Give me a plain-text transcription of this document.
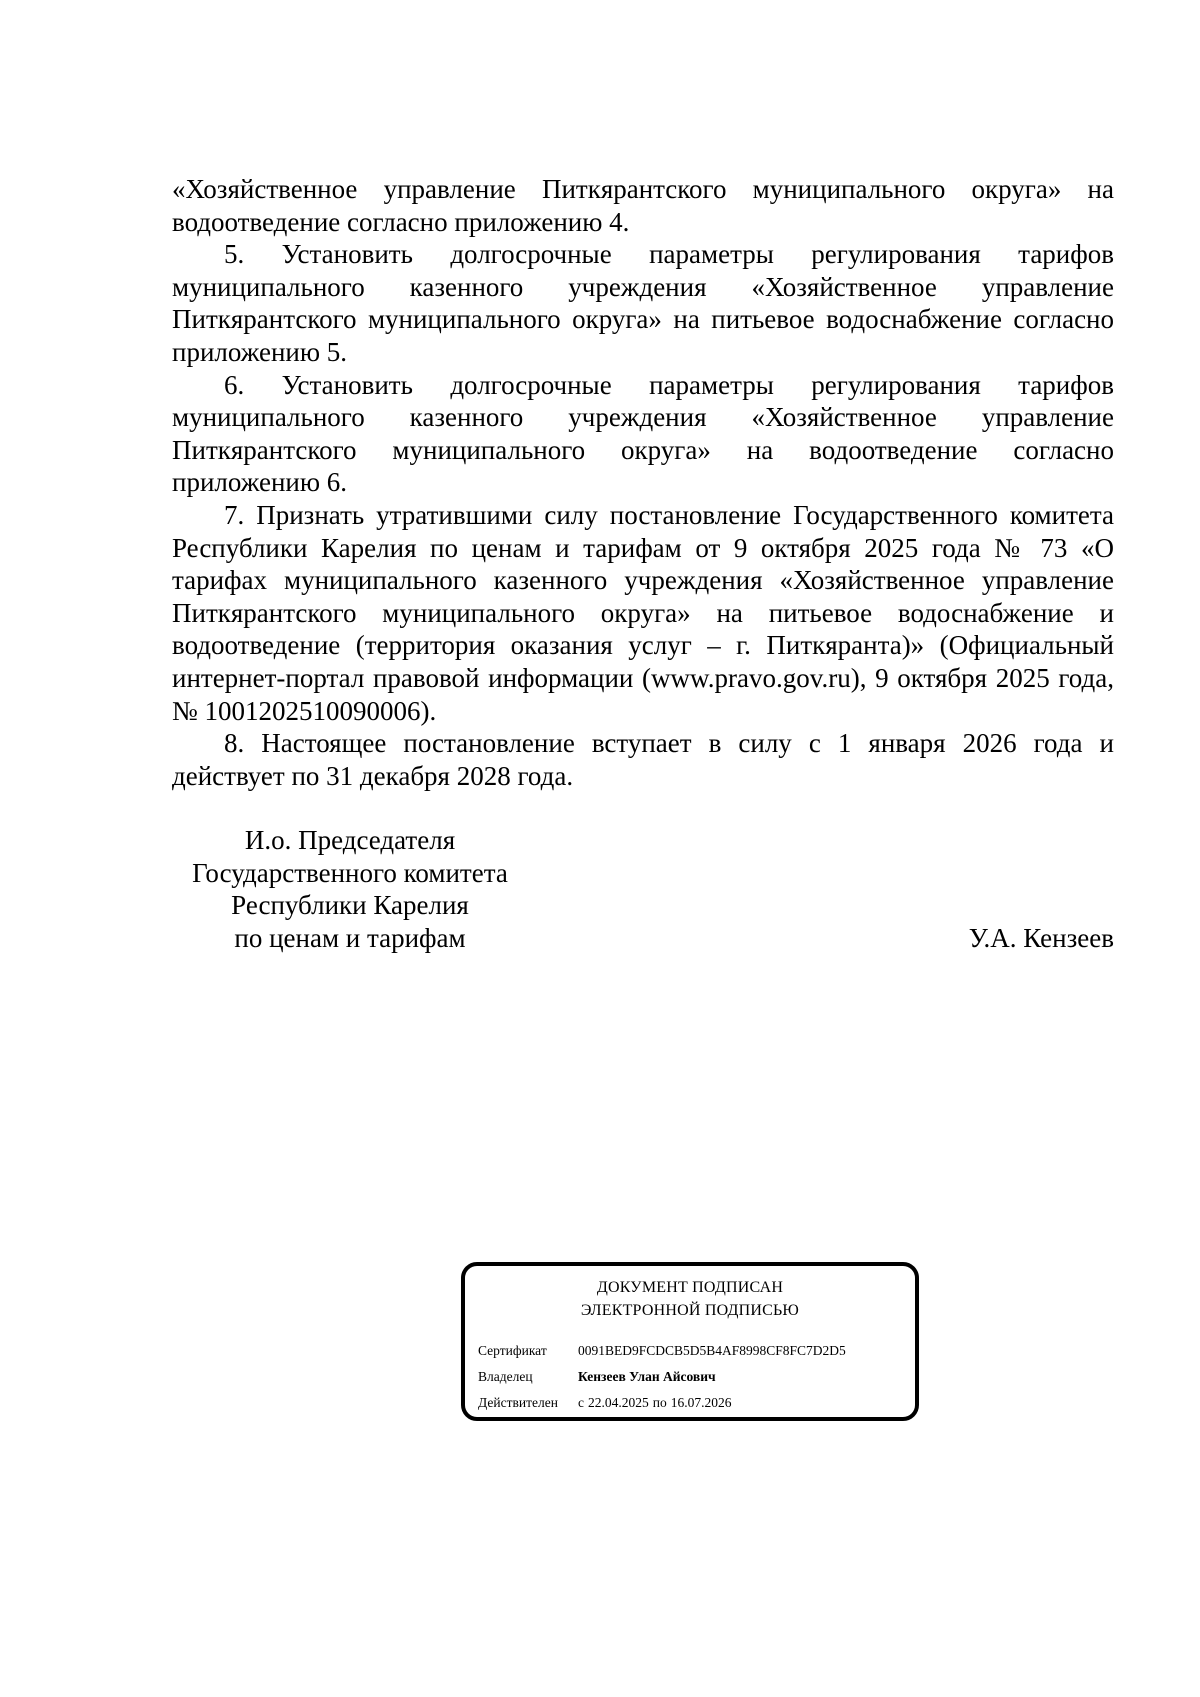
«Хозяйственное управление Питкярантского муниципального округа» на водоотведение согласно приложению 4.

5. Установить долгосрочные параметры регулирования тарифов муниципального казенного учреждения «Хозяйственное управление Питкярантского муниципального округа» на питьевое водоснабжение согласно приложению 5.

6. Установить долгосрочные параметры регулирования тарифов муниципального казенного учреждения «Хозяйственное управление Питкярантского муниципального округа» на водоотведение согласно приложению 6.

7. Признать утратившими силу постановление Государственного комитета Республики Карелия по ценам и тарифам от 9 октября 2025 года № 73 «О тарифах муниципального казенного учреждения «Хозяйственное управление Питкярантского муниципального округа» на питьевое водоснабжение и водоотведение (территория оказания услуг – г. Питкяранта)» (Официальный интернет-портал правовой информации (www.pravo.gov.ru), 9 октября 2025 года, № 1001202510090006).

8. Настоящее постановление вступает в силу с 1 января 2026 года и действует по 31 декабря 2028 года.

И.о. Председателя
Государственного комитета
Республики Карелия
по ценам и тарифам	У.А. Кензеев
ДОКУМЕНТ ПОДПИСАН
ЭЛЕКТРОННОЙ ПОДПИСЬЮ
Сертификат 0091BED9FCDCB5D5B4AF8998CF8FC7D2D5
Владелец	Кензеев Улан Айсович
Действителен с 22.04.2025 по 16.07.2026
